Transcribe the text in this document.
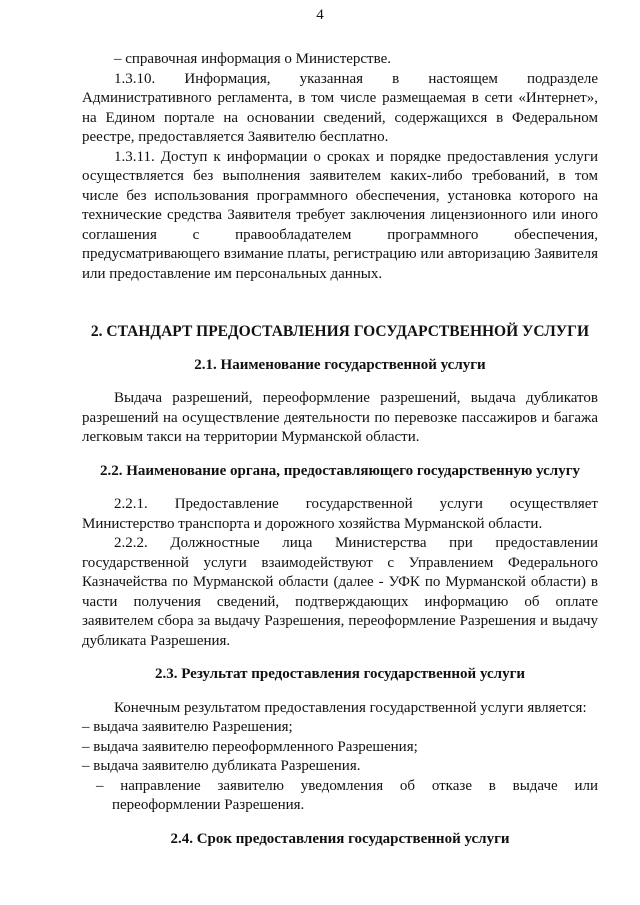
4

– справочная информация о Министерстве.

1.3.10. Информация, указанная в настоящем подразделе Административного регламента, в том числе размещаемая в сети «Интернет», на Едином портале на основании сведений, содержащихся в Федеральном реестре, предоставляется Заявителю бесплатно.

1.3.11. Доступ к информации о сроках и порядке предоставления услуги осуществляется без выполнения заявителем каких-либо требований, в том числе без использования программного обеспечения, установка которого на технические средства Заявителя требует заключения лицензионного или иного соглашения с правообладателем программного обеспечения, предусматривающего взимание платы, регистрацию или авторизацию Заявителя или предоставление им персональных данных.

2. СТАНДАРТ ПРЕДОСТАВЛЕНИЯ ГОСУДАРСТВЕННОЙ УСЛУГИ
2.1. Наименование государственной услуги

Выдача разрешений, переоформление разрешений, выдача дубликатов разрешений на осуществление деятельности по перевозке пассажиров и багажа легковым такси на территории Мурманской области.

2.2. Наименование органа, предоставляющего государственную услугу

2.2.1. Предоставление государственной услуги осуществляет Министерство транспорта и дорожного хозяйства Мурманской области.

2.2.2. Должностные лица Министерства при предоставлении государственной услуги взаимодействуют с Управлением Федерального Казначейства по Мурманской области (далее - УФК по Мурманской области) в части получения сведений, подтверждающих информацию об оплате заявителем сбора за выдачу Разрешения, переоформление Разрешения и выдачу дубликата Разрешения.

2.3. Результат предоставления государственной услуги

Конечным результатом предоставления государственной услуги является:

– выдача заявителю Разрешения;

– выдача заявителю переоформленного Разрешения;

– выдача заявителю дубликата Разрешения.

– направление заявителю уведомления об отказе в выдаче или переоформлении Разрешения.

2.4. Срок предоставления государственной услуги
